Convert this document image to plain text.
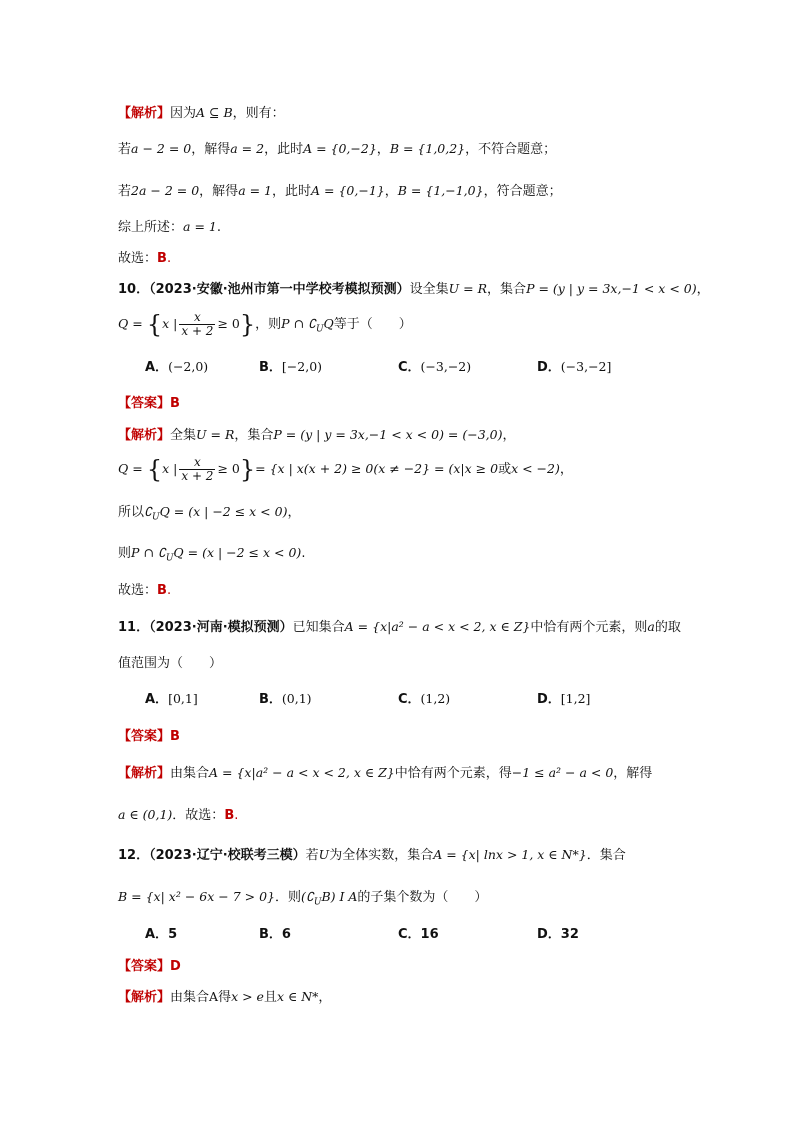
【解析】因为A ⊆ B，则有：
若a − 2 = 0，解得a = 2，此时A = {0,−2}，B = {1,0,2}，不符合题意；
若2a − 2 = 0，解得a = 1，此时A = {0,−1}，B = {1,−1,0}，符合题意；
综上所述：a = 1.
故选：B.
10．（2023·安徽·池州市第一中学校考模拟预测）设全集U = R，集合P = (y | y = 3x,−1 < x < 0)，
Q = {x | $\frac{x}{x + 2} \ge 0$}，则P ∩ $∁_UQ$等于（　　）
A．(−2,0)	B．[−2,0)	C．(−3,−2)	D．(−3,−2]
【答案】B
【解析】全集U = R，集合P = (y | y = 3x,−1 < x < 0) = (−3,0)，
Q = {x | $\frac{x}{x + 2} \ge 0\}= \{x$ | x(x + 2) ≥ 0(x ≠ −2} = (x|x ≥ 0或x < −2)，
所以$∁_UQ = (x$ | −2 ≤ x < 0)，
则P ∩ $∁_UQ = (x$ | −2 ≤ x < 0).
故选：B.
11．（2023·河南·模拟预测）已知集合A = {x|a² − a < x < 2, x ∈ Z}中恰有两个元素，则a的取
值范围为（　　）
A．[0,1]	B．(0,1)	C．(1,2)	D．[1,2]
【答案】B
【解析】由集合A = {x|a² − a < x < 2, x ∈ Z}中恰有两个元素，得−1 ≤ a² − a < 0，解得
a ∈ (0,1)．故选：B.
12．（2023·辽宁·校联考三模）若U为全体实数，集合A = {x| lnx > 1, x ∈ N*}．集合
B = {x| x² − 6x − 7 > 0}．则$(∁_UB)$ I A的子集个数为（　　）
A．5	B．6	C．16	D．32
【答案】D
【解析】由集合A得x > e且x ∈ N*，
